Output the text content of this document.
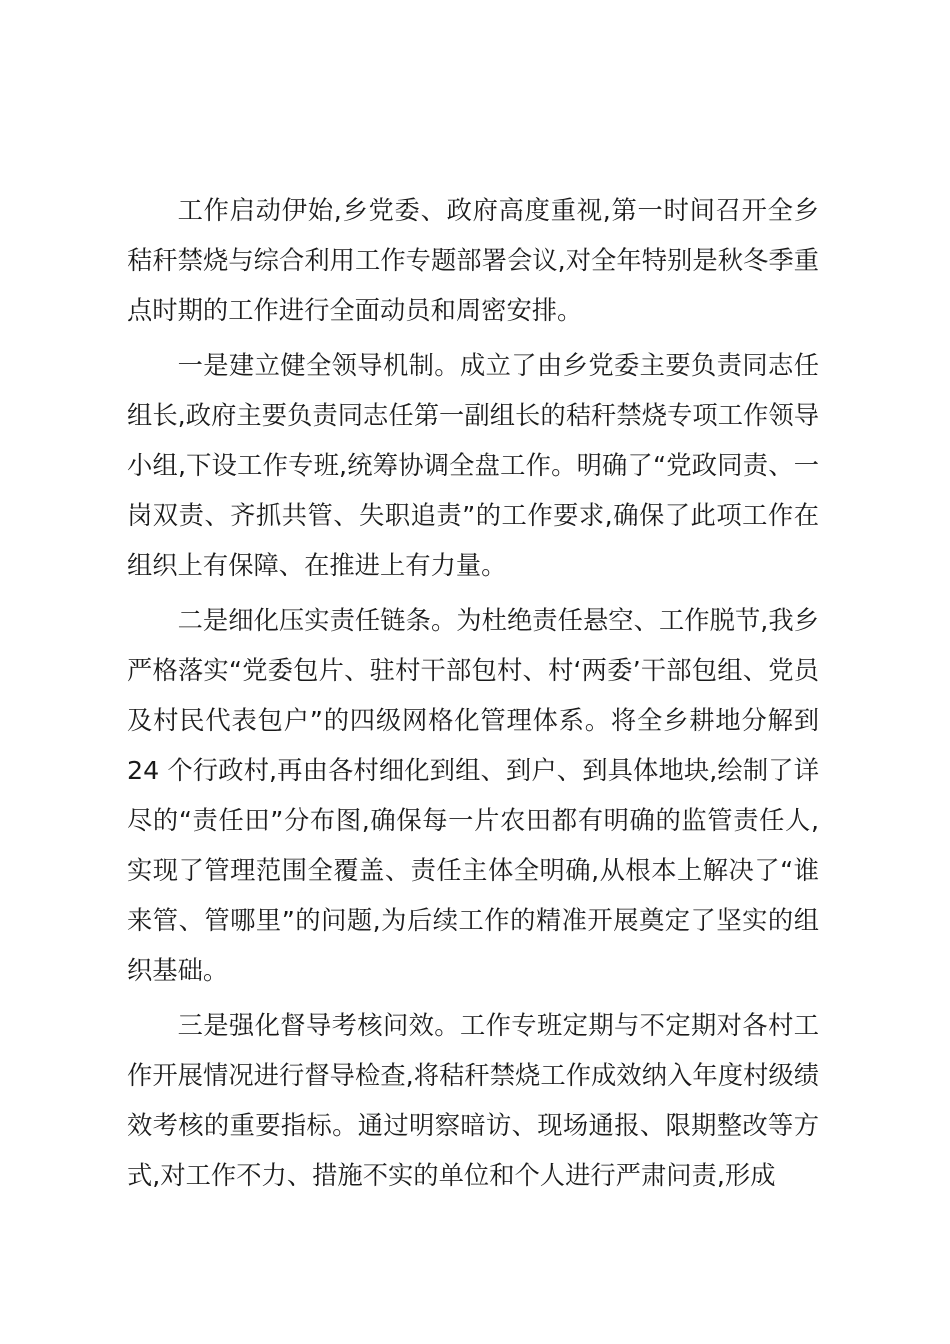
工作启动伊始,乡党委、政府高度重视,第一时间召开全乡秸秆禁烧与综合利用工作专题部署会议,对全年特别是秋冬季重点时期的工作进行全面动员和周密安排。

一是建立健全领导机制。成立了由乡党委主要负责同志任组长,政府主要负责同志任第一副组长的秸秆禁烧专项工作领导小组,下设工作专班,统筹协调全盘工作。明确了“党政同责、一岗双责、齐抓共管、失职追责”的工作要求,确保了此项工作在组织上有保障、在推进上有力量。

二是细化压实责任链条。为杜绝责任悬空、工作脱节,我乡严格落实“党委包片、驻村干部包村、村‘两委’干部包组、党员及村民代表包户”的四级网格化管理体系。将全乡耕地分解到 24 个行政村,再由各村细化到组、到户、到具体地块,绘制了详尽的“责任田”分布图,确保每一片农田都有明确的监管责任人,实现了管理范围全覆盖、责任主体全明确,从根本上解决了“谁来管、管哪里”的问题,为后续工作的精准开展奠定了坚实的组织基础。

三是强化督导考核问效。工作专班定期与不定期对各村工作开展情况进行督导检查,将秸秆禁烧工作成效纳入年度村级绩效考核的重要指标。通过明察暗访、现场通报、限期整改等方式,对工作不力、措施不实的单位和个人进行严肃问责,形成
